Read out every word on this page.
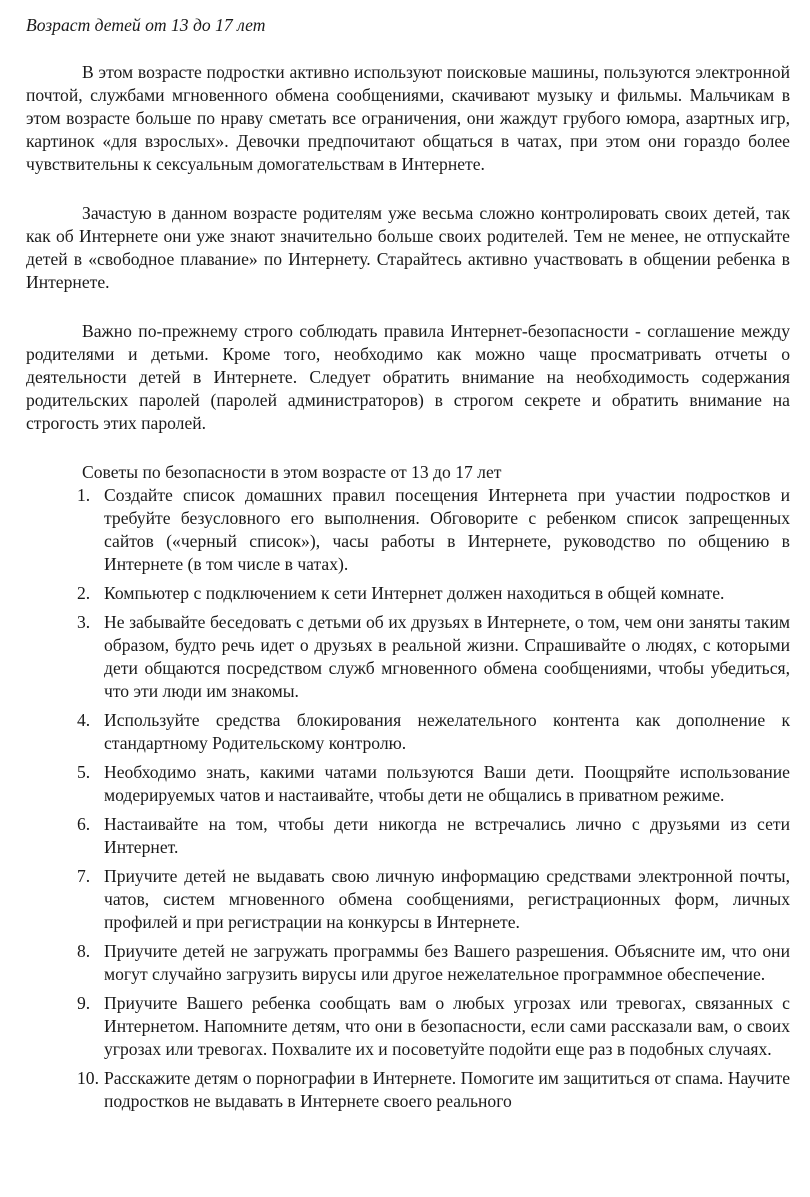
Возраст детей от 13 до 17 лет

В этом возрасте подростки активно используют поисковые машины, пользуются электронной почтой, службами мгновенного обмена сообщениями, скачивают музыку и фильмы. Мальчикам в этом возрасте больше по нраву сметать все ограничения, они жаждут грубого юмора, азартных игр, картинок «для взрослых». Девочки предпочитают общаться в чатах, при этом они гораздо более чувствительны к сексуальным домогательствам в Интернете.

Зачастую в данном возрасте родителям уже весьма сложно контролировать своих детей, так как об Интернете они уже знают значительно больше своих родителей. Тем не менее, не отпускайте детей в «свободное плавание» по Интернету. Старайтесь активно участвовать в общении ребенка в Интернете.

Важно по-прежнему строго соблюдать правила Интернет-безопасности - соглашение между родителями и детьми. Кроме того, необходимо как можно чаще просматривать отчеты о деятельности детей в Интернете. Следует обратить внимание на необходимость содержания родительских паролей (паролей администраторов) в строгом секрете и обратить внимание на строгость этих паролей.

Советы по безопасности в этом возрасте от 13 до 17 лет
1. Создайте список домашних правил посещения Интернета при участии подростков и требуйте безусловного его выполнения. Обговорите с ребенком список запрещенных сайтов («черный список»), часы работы в Интернете, руководство по общению в Интернете (в том числе в чатах).
2. Компьютер с подключением к сети Интернет должен находиться в общей комнате.
3. Не забывайте беседовать с детьми об их друзьях в Интернете, о том, чем они заняты таким образом, будто речь идет о друзьях в реальной жизни. Спрашивайте о людях, с которыми дети общаются посредством служб мгновенного обмена сообщениями, чтобы убедиться, что эти люди им знакомы.
4. Используйте средства блокирования нежелательного контента как дополнение к стандартному Родительскому контролю.
5. Необходимо знать, какими чатами пользуются Ваши дети. Поощряйте использование модерируемых чатов и настаивайте, чтобы дети не общались в приватном режиме.
6. Настаивайте на том, чтобы дети никогда не встречались лично с друзьями из сети Интернет.
7. Приучите детей не выдавать свою личную информацию средствами электронной почты, чатов, систем мгновенного обмена сообщениями, регистрационных форм, личных профилей и при регистрации на конкурсы в Интернете.
8. Приучите детей не загружать программы без Вашего разрешения. Объясните им, что они могут случайно загрузить вирусы или другое нежелательное программное обеспечение.
9. Приучите Вашего ребенка сообщать вам о любых угрозах или тревогах, связанных с Интернетом. Напомните детям, что они в безопасности, если сами рассказали вам, о своих угрозах или тревогах. Похвалите их и посоветуйте подойти еще раз в подобных случаях.
10. Расскажите детям о порнографии в Интернете. Помогите им защититься от спама. Научите подростков не выдавать в Интернете своего реального
